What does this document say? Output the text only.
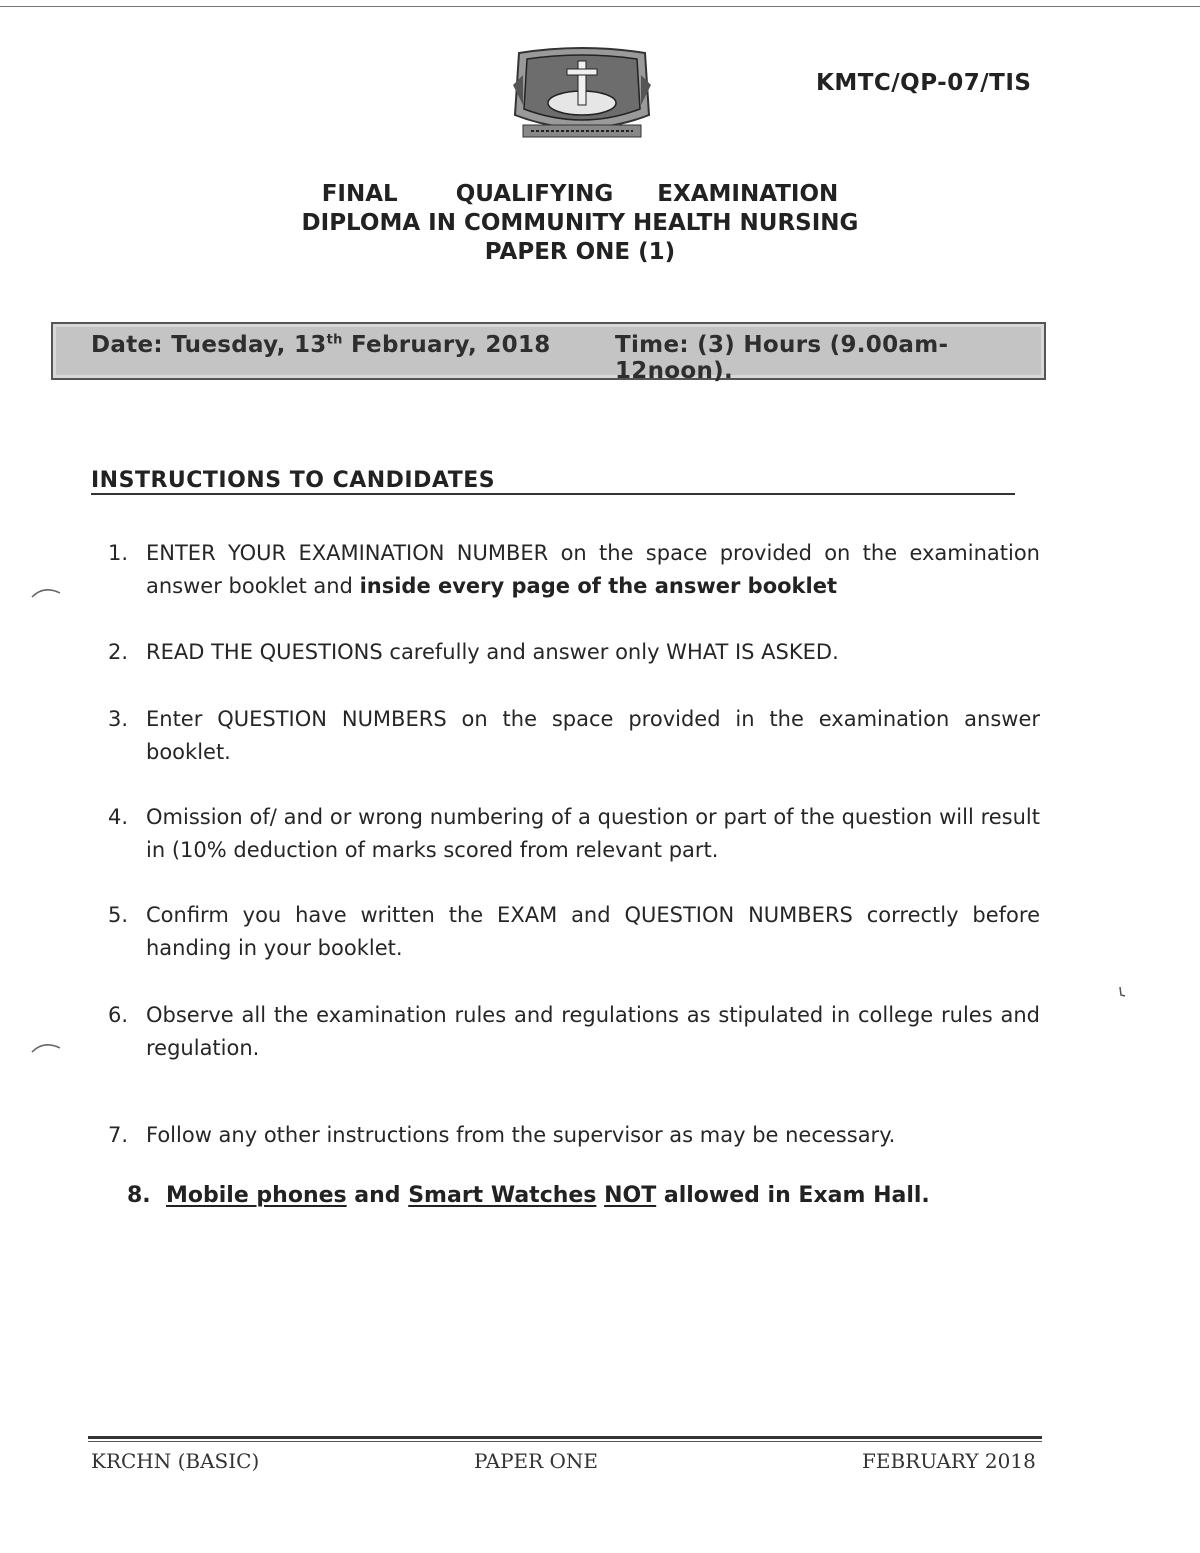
KMTC/QP-07/TIS
FINAL	QUALIFYING EXAMINATION
DIPLOMA IN COMMUNITY HEALTH NURSING
PAPER ONE (1)
Date: Tuesday, 13th February, 2018	Time: (3) Hours (9.00am-12noon).
INSTRUCTIONS TO CANDIDATES
1. ENTER YOUR EXAMINATION NUMBER on the space provided on the examination answer booklet and inside every page of the answer booklet
2. READ THE QUESTIONS carefully and answer only WHAT IS ASKED.
3. Enter QUESTION NUMBERS on the space provided in the examination answer booklet.
4. Omission of/ and or wrong numbering of a question or part of the question will result in (10% deduction of marks scored from relevant part.
5. Confirm you have written the EXAM and QUESTION NUMBERS correctly before handing in your booklet.
6. Observe all the examination rules and regulations as stipulated in college rules and regulation.
7. Follow any other instructions from the supervisor as may be necessary.
8. Mobile phones and Smart Watches NOT allowed in Exam Hall.
KRCHN (BASIC)	PAPER ONE	FEBRUARY 2018
